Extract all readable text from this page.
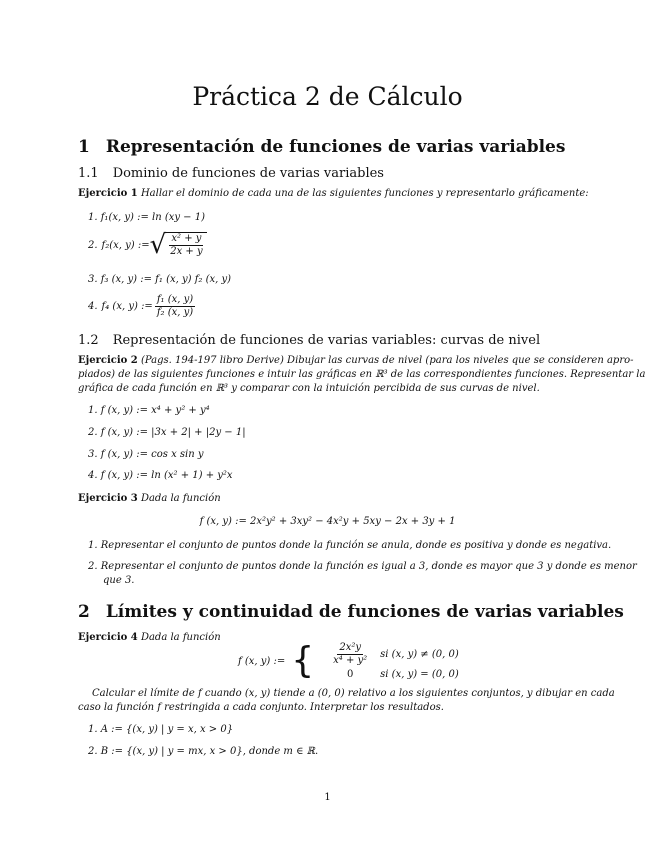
Práctica 2 de Cálculo
1 Representación de funciones de varias variables
1.1 Dominio de funciones de varias variables
Ejercicio 1 Hallar el dominio de cada una de las siguientes funciones y representarlo gráficamente:
1. f₁(x, y) := ln (xy − 1)
2. f₂(x, y) := √ $\frac{\text{x² + y}}{2x + y}$
3. f₃ (x, y) := f₁ (x, y) f₂ (x, y)
4. f₄ (x, y) := $\frac{\text{f₁ (x, y)}}{\text{f₂ (x, y)}}$
1.2 Representación de funciones de varias variables: curvas de nivel
Ejercicio 2 (Pags. 194-197 libro Derive) Dibujar las curvas de nivel (para los niveles que se consideren apro-
piados) de las siguientes funciones e intuir las gráficas en ℝ³ de las correspondientes funciones. Representar la
gráfica de cada función en ℝ³ y comparar con la intuición percibida de sus curvas de nivel.
1. f (x, y) := x⁴ + y² + y⁴
2. f (x, y) := |3x + 2| + |2y − 1|
3. f (x, y) := cos x sin y
4. f (x, y) := ln (x² + 1) + y²x
Ejercicio 3 Dada la función
f (x, y) := 2x²y² + 3xy² − 4x²y + 5xy − 2x + 3y + 1
1. Representar el conjunto de puntos donde la función se anula, donde es positiva y donde es negativa.
2. Representar el conjunto de puntos donde la función es igual a 3, donde es mayor que 3 y donde es menor
que 3.
2 Límites y continuidad de funciones de varias variables
Ejercicio 4 Dada la función
f (x, y) := { $\frac{\text{2x²y}}{\text{x⁴ + y²}}$ si (x, y) ≠ (0, 0)
0	si (x, y) = (0, 0)
Calcular el límite de f cuando (x, y) tiende a (0, 0) relativo a los siguientes conjuntos, y dibujar en cada
caso la función f restringida a cada conjunto. Interpretar los resultados.
1. A := {(x, y) | y = x, x > 0}
2. B := {(x, y) | y = mx, x > 0}, donde m ∈ ℝ.
1
